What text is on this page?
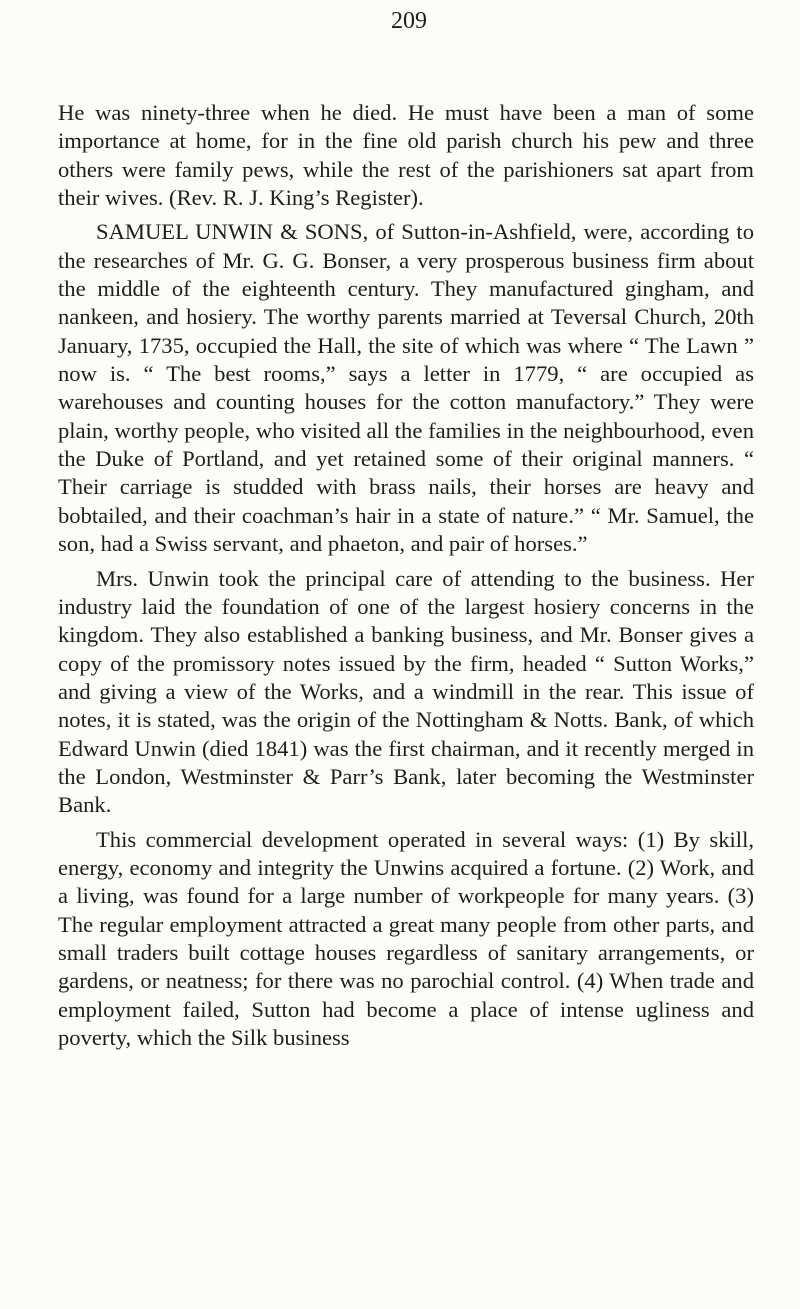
209

He was ninety-three when he died. He must have been a man of some importance at home, for in the fine old parish church his pew and three others were family pews, while the rest of the parishioners sat apart from their wives. (Rev. R. J. King’s Register).

SAMUEL UNWIN & SONS, of Sutton-in-Ashfield, were, according to the researches of Mr. G. G. Bonser, a very prosperous business firm about the middle of the eighteenth century. They manufactured gingham, and nankeen, and hosiery. The worthy parents married at Teversal Church, 20th January, 1735, occupied the Hall, the site of which was where “ The Lawn ” now is. “ The best rooms,” says a letter in 1779, “ are occupied as warehouses and counting houses for the cotton manufactory.” They were plain, worthy people, who visited all the families in the neighbourhood, even the Duke of Portland, and yet retained some of their original manners. “ Their carriage is studded with brass nails, their horses are heavy and bobtailed, and their coachman’s hair in a state of nature.” “ Mr. Samuel, the son, had a Swiss servant, and phaeton, and pair of horses.”

Mrs. Unwin took the principal care of attending to the business. Her industry laid the foundation of one of the largest hosiery concerns in the kingdom. They also established a banking business, and Mr. Bonser gives a copy of the promissory notes issued by the firm, headed “ Sutton Works,” and giving a view of the Works, and a windmill in the rear. This issue of notes, it is stated, was the origin of the Nottingham & Notts. Bank, of which Edward Unwin (died 1841) was the first chairman, and it recently merged in the London, Westminster & Parr’s Bank, later becoming the Westminster Bank.

This commercial development operated in several ways: (1) By skill, energy, economy and integrity the Unwins acquired a fortune. (2) Work, and a living, was found for a large number of workpeople for many years. (3) The regular employment attracted a great many people from other parts, and small traders built cottage houses regardless of sanitary arrangements, or gardens, or neatness; for there was no parochial control. (4) When trade and employment failed, Sutton had become a place of intense ugliness and poverty, which the Silk business
